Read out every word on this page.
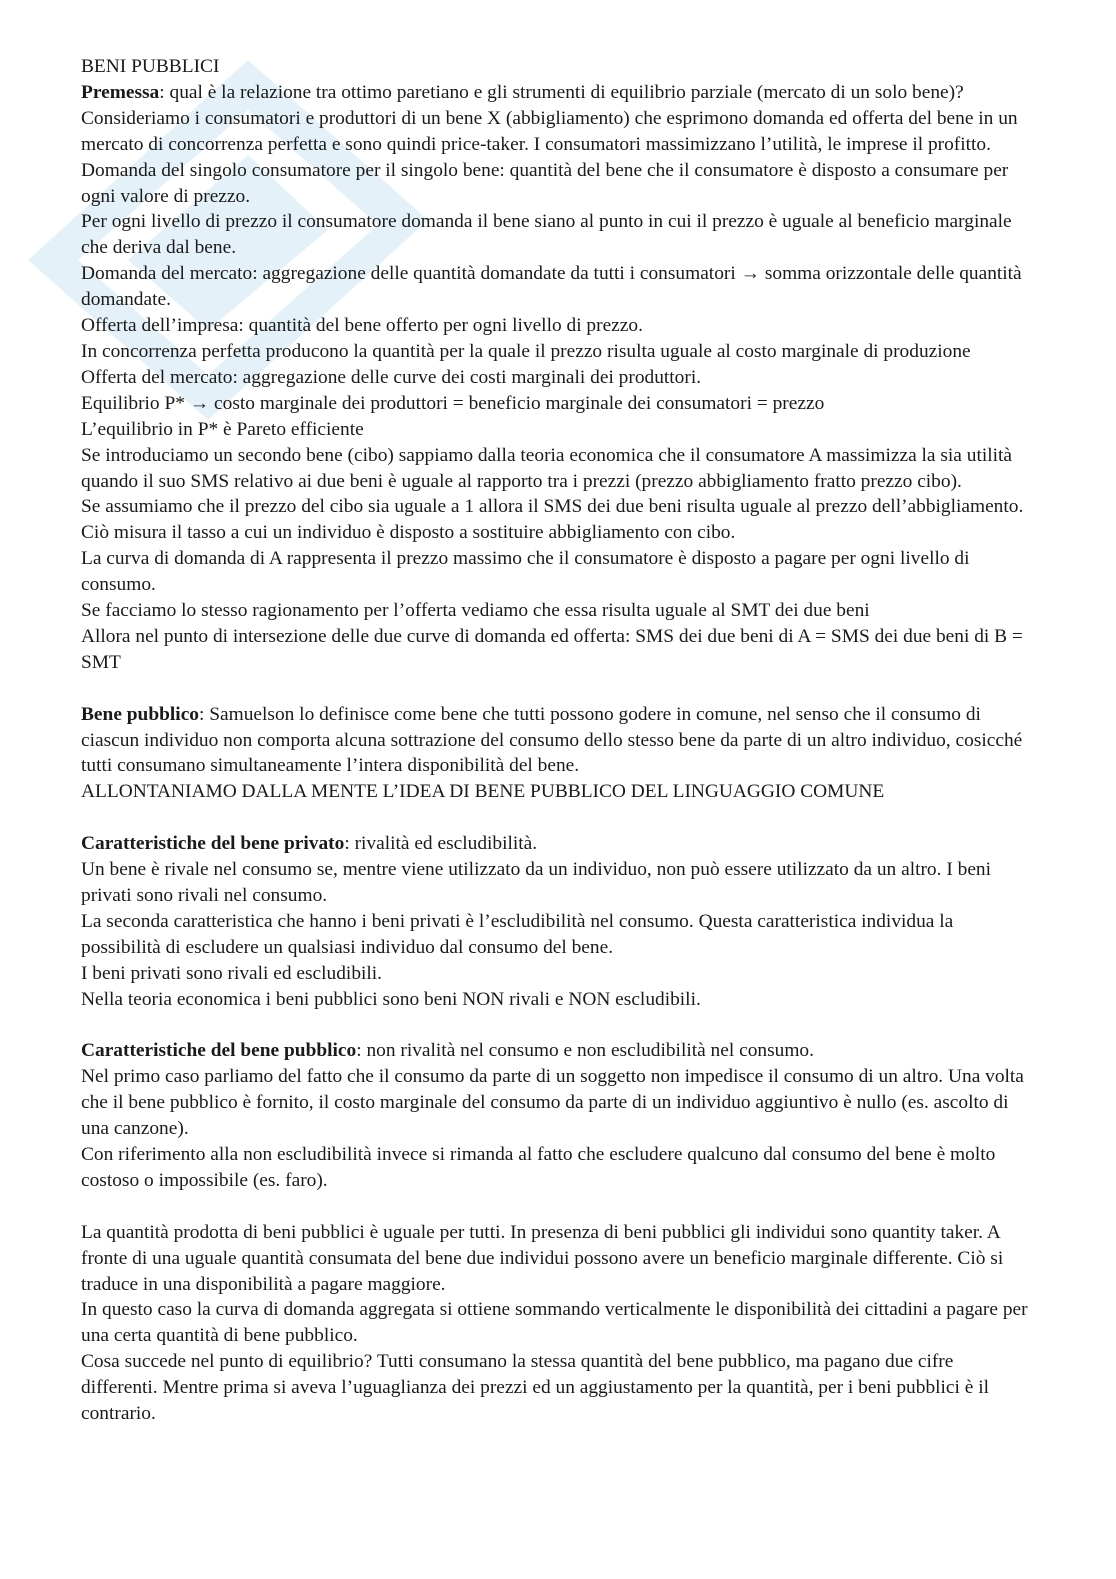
BENI PUBBLICI

Premessa: qual è la relazione tra ottimo paretiano e gli strumenti di equilibrio parziale (mercato di un solo bene)? Consideriamo i consumatori e produttori di un bene X (abbigliamento) che esprimono domanda ed offerta del bene in un mercato di concorrenza perfetta e sono quindi price-taker. I consumatori massimizzano l’utilità, le imprese il profitto.

Domanda del singolo consumatore per il singolo bene: quantità del bene che il consumatore è disposto a consumare per ogni valore di prezzo.

Per ogni livello di prezzo il consumatore domanda il bene siano al punto in cui il prezzo è uguale al beneficio marginale che deriva dal bene.

Domanda del mercato: aggregazione delle quantità domandate da tutti i consumatori → somma orizzontale delle quantità domandate.

Offerta dell’impresa: quantità del bene offerto per ogni livello di prezzo.

In concorrenza perfetta producono la quantità per la quale il prezzo risulta uguale al costo marginale di produzione

Offerta del mercato: aggregazione delle curve dei costi marginali dei produttori.

Equilibrio P* → costo marginale dei produttori = beneficio marginale dei consumatori = prezzo

L’equilibrio in P* è Pareto efficiente

Se introduciamo un secondo bene (cibo) sappiamo dalla teoria economica che il consumatore A massimizza la sia utilità quando il suo SMS relativo ai due beni è uguale al rapporto tra i prezzi (prezzo abbigliamento fratto prezzo cibo).

Se assumiamo che il prezzo del cibo sia uguale a 1 allora il SMS dei due beni risulta uguale al prezzo dell’abbigliamento. Ciò misura il tasso a cui un individuo è disposto a sostituire abbigliamento con cibo.

La curva di domanda di A rappresenta il prezzo massimo che il consumatore è disposto a pagare per ogni livello di consumo.

Se facciamo lo stesso ragionamento per l’offerta vediamo che essa risulta uguale al SMT dei due beni

Allora nel punto di intersezione delle due curve di domanda ed offerta: SMS dei due beni di A = SMS dei due beni di B = SMT

Bene pubblico: Samuelson lo definisce come bene che tutti possono godere in comune, nel senso che il consumo di ciascun individuo non comporta alcuna sottrazione del consumo dello stesso bene da parte di un altro individuo, cosicché tutti consumano simultaneamente l’intera disponibilità del bene.

ALLONTANIAMO DALLA MENTE L’IDEA DI BENE PUBBLICO DEL LINGUAGGIO COMUNE

Caratteristiche del bene privato: rivalità ed escludibilità.

Un bene è rivale nel consumo se, mentre viene utilizzato da un individuo, non può essere utilizzato da un altro. I beni privati sono rivali nel consumo.

La seconda caratteristica che hanno i beni privati è l’escludibilità nel consumo. Questa caratteristica individua la possibilità di escludere un qualsiasi individuo dal consumo del bene.

I beni privati sono rivali ed escludibili.

Nella teoria economica i beni pubblici sono beni NON rivali e NON escludibili.

Caratteristiche del bene pubblico: non rivalità nel consumo e non escludibilità nel consumo.

Nel primo caso parliamo del fatto che il consumo da parte di un soggetto non impedisce il consumo di un altro. Una volta che il bene pubblico è fornito, il costo marginale del consumo da parte di un individuo aggiuntivo è nullo (es. ascolto di una canzone).

Con riferimento alla non escludibilità invece si rimanda al fatto che escludere qualcuno dal consumo del bene è molto costoso o impossibile (es. faro).

La quantità prodotta di beni pubblici è uguale per tutti. In presenza di beni pubblici gli individui sono quantity taker. A fronte di una uguale quantità consumata del bene due individui possono avere un beneficio marginale differente. Ciò si traduce in una disponibilità a pagare maggiore.

In questo caso la curva di domanda aggregata si ottiene sommando verticalmente le disponibilità dei cittadini a pagare per una certa quantità di bene pubblico.

Cosa succede nel punto di equilibrio? Tutti consumano la stessa quantità del bene pubblico, ma pagano due cifre differenti. Mentre prima si aveva l’uguaglianza dei prezzi ed un aggiustamento per la quantità, per i beni pubblici è il contrario.
